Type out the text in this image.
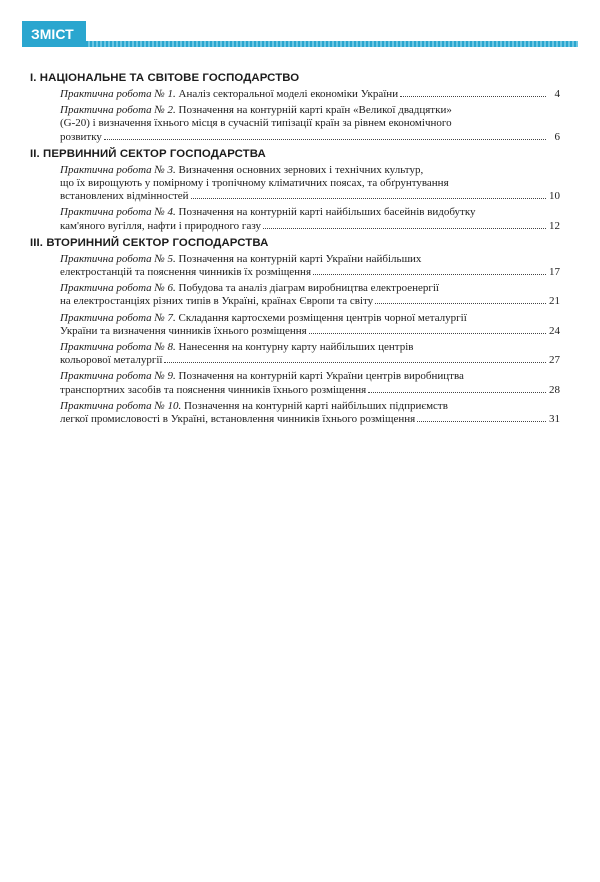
ЗМІСТ
І. НАЦІОНАЛЬНЕ ТА СВІТОВЕ ГОСПОДАРСТВО
Практична робота № 1.
Аналіз секторальної моделі економіки України	4
Практична робота № 2. Позначення на контурній карті країн «Великої двадцятки»
(G-20) і визначення їхнього місця в сучасній типізації країн за рівнем економічного
розвитку	6
ІІ. ПЕРВИННИЙ СЕКТОР ГОСПОДАРСТВА
Практична робота № 3. Визначення основних зернових і технічних культур,
що їх вирощують у помірному і тропічному кліматичних поясах, та обґрунтування
встановлених відмінностей	10
Практична робота № 4. Позначення на контурній карті найбільших басейнів видобутку
кам'яного вугілля, нафти і природного газу	12
ІІІ. ВТОРИННИЙ СЕКТОР ГОСПОДАРСТВА
Практична робота № 5. Позначення на контурній карті України найбільших
електростанцій та пояснення чинників їх розміщення	17
Практична робота № 6. Побудова та аналіз діаграм виробництва електроенергії
на електростанціях різних типів в Україні, країнах Європи та світу	21
Практична робота № 7. Складання картосхеми розміщення центрів чорної металургії
України та визначення чинників їхнього розміщення	24
Практична робота № 8. Нанесення на контурну карту найбільших центрів
кольорової металургії	27
Практична робота № 9. Позначення на контурній карті України центрів виробництва
транспортних засобів та пояснення чинників їхнього розміщення	28
Практична робота № 10. Позначення на контурній карті найбільших підприємств
легкої промисловості в Україні, встановлення чинників їхнього розміщення	31
